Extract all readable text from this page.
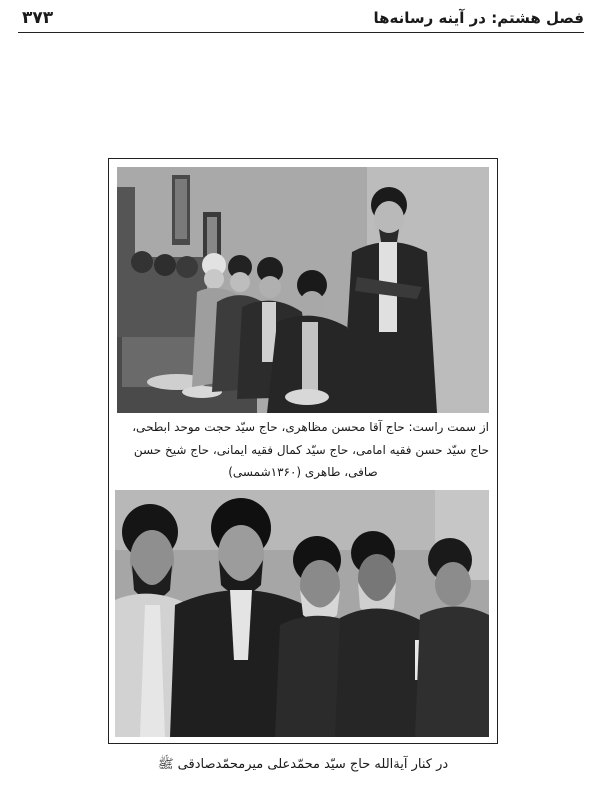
فصل هشتم: در آينه رسانه‌ها
۳۷۳
از سمت راست: حاج آقا محسن مظاهری، حاج سیّد حجت موحد ابطحی،
حاج سیّد حسن فقیه امامی، حاج سیّد کمال فقیه ایمانی، حاج شیخ حسن
صافی، طاهری (۱۳۶۰شمسی)
در کنار آیةالله حاج سیّد محمّدعلی میرمحمّدصادقی ﷺ
